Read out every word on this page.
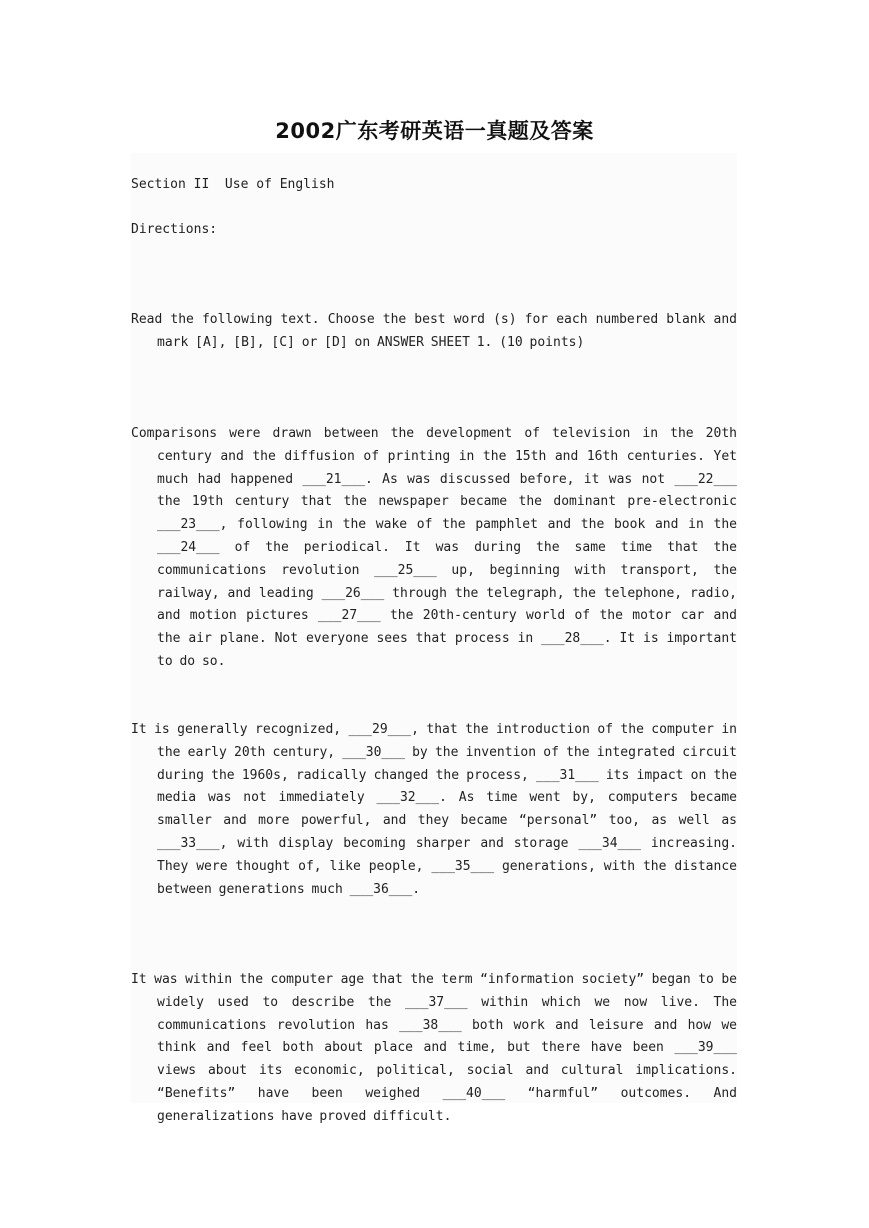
2002广东考研英语一真题及答案
Section II  Use of English
Directions:
Read the following text. Choose the best word (s) for each numbered blank and mark [A], [B], [C] or [D] on ANSWER SHEET 1. (10 points)
Comparisons were drawn between the development of television in the 20th century and the diffusion of printing in the 15th and 16th centuries. Yet much had happened ___21___. As was discussed before, it was not ___22___ the 19th century that the newspaper became the dominant pre-electronic ___23___, following in the wake of the pamphlet and the book and in the ___24___ of the periodical. It was during the same time that the communications revolution ___25___ up, beginning with transport, the railway, and leading ___26___ through the telegraph, the telephone, radio, and motion pictures ___27___ the 20th-century world of the motor car and the air plane. Not everyone sees that process in ___28___. It is important to do so.
It is generally recognized, ___29___, that the introduction of the computer in the early 20th century, ___30___ by the invention of the integrated circuit during the 1960s, radically changed the process, ___31___ its impact on the media was not immediately ___32___. As time went by, computers became smaller and more powerful, and they became “personal” too, as well as ___33___, with display becoming sharper and storage ___34___ increasing. They were thought of, like people, ___35___ generations, with the distance between generations much ___36___.
It was within the computer age that the term “information society” began to be widely used to describe the ___37___ within which we now live. The communications revolution has ___38___ both work and leisure and how we think and feel both about place and time, but there have been ___39___ views about its economic, political, social and cultural implications. “Benefits” have been weighed ___40___ “harmful” outcomes. And generalizations have proved difficult.
